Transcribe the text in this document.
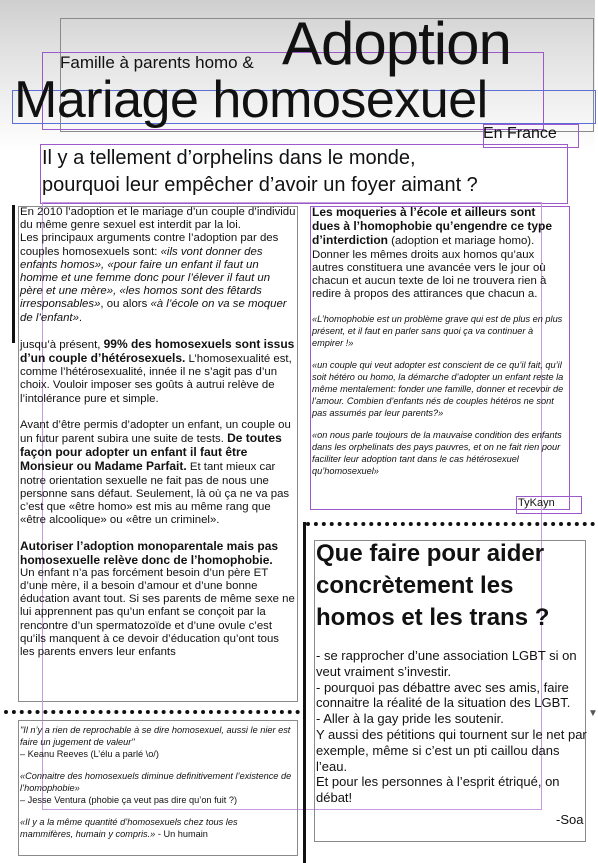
Adoption
Famille à parents homo &
Mariage homosexuel
En France
Il y a tellement d’orphelins dans le monde,
pourquoi leur empêcher d’avoir un foyer aimant ?

En 2010 l’adoption et le mariage d’un couple d’individu du même genre sexuel est interdit par la loi.

Les principaux arguments contre l’adoption par des couples homosexuels sont: «ils vont donner des enfants homos», «pour faire un enfant il faut un homme et une femme donc pour l’élever il faut un père et une mère», «les homos sont des fêtards irresponsables», ou alors «à l’école on va se moquer de l’enfant».

jusqu’à présent, 99% des homosexuels sont issus d’un couple d’hétérosexuels. L’homosexualité est, comme l’hétérosexualité, innée il ne s’agit pas d’un choix. Vouloir imposer ses goûts à autrui relève de l’intolérance pure et simple.

Avant d’être permis d’adopter un enfant, un couple ou un futur parent subira une suite de tests. De toutes façon pour adopter un enfant il faut être Monsieur ou Madame Parfait. Et tant mieux car notre orientation sexuelle ne fait pas de nous une personne sans défaut. Seulement, là où ça ne va pas c’est que «être homo» est mis au même rang que «être alcoolique» ou «être un criminel».

Autoriser l’adoption monoparentale mais pas homosexuelle relève donc de l’homophobie.

Un enfant n’a pas forcément besoin d’un père ET d’une mère, il a besoin d’amour et d’une bonne éducation avant tout. Si ses parents de même sexe ne lui apprennent pas qu’un enfant se conçoit par la rencontre d’un spermatozoïde et d’une ovule c’est qu’ils manquent à ce devoir d’éducation qu’ont tous les parents envers leur enfants

"Il n’y a rien de reprochable à se dire homosexuel, aussi le nier est faire un jugement de valeur"
– Keanu Reeves (L’élu a parlé \o/)

«Connaitre des homosexuels diminue definitivement l’existence de l’homophobie»
– Jesse Ventura (phobie ça veut pas dire qu’on fuit ?)

«Il y a la même quantité d’homosexuels chez tous les mammifères, humain y compris.» - Un humain

Les moqueries à l’école et ailleurs sont dues à l’homophobie qu’engendre ce type d’interdiction (adoption et mariage homo). Donner les mêmes droits aux homos qu’aux autres constituera une avancée vers le jour où chacun et aucun texte de loi ne trouvera rien à redire à propos des attirances que chacun a.

«L’homophobie est un problème grave qui est de plus en plus présent, et il faut en parler sans quoi ça va continuer à empirer !»

«un couple qui veut adopter est conscient de ce qu’il fait, qu’il soit hétéro ou homo, la démarche d’adopter un enfant reste la même mentalement: fonder une famille, donner et recevoir de l’amour. Combien d’enfants nés de couples hétéros ne sont pas assumés par leur parents?»

«on nous parle toujours de la mauvaise condition des enfants dans les orphelinats des pays pauvres, et on ne fait rien pour faciliter leur adoption tant dans le cas hétérosexuel qu’homosexuel»

TyKayn
Que faire pour aider concrètement les homos et les trans ?

- se rapprocher d’une association LGBT si on veut vraiment s’investir.

- pourquoi pas débattre avec ses amis, faire connaitre la réalité de la situation des LGBT.

- Aller à la gay pride les soutenir.

Y aussi des pétitions qui tournent sur le net par exemple, même si c’est un pti caillou dans l’eau.

Et pour les personnes à l’esprit étriqué, on débat!

-Soa
▼
